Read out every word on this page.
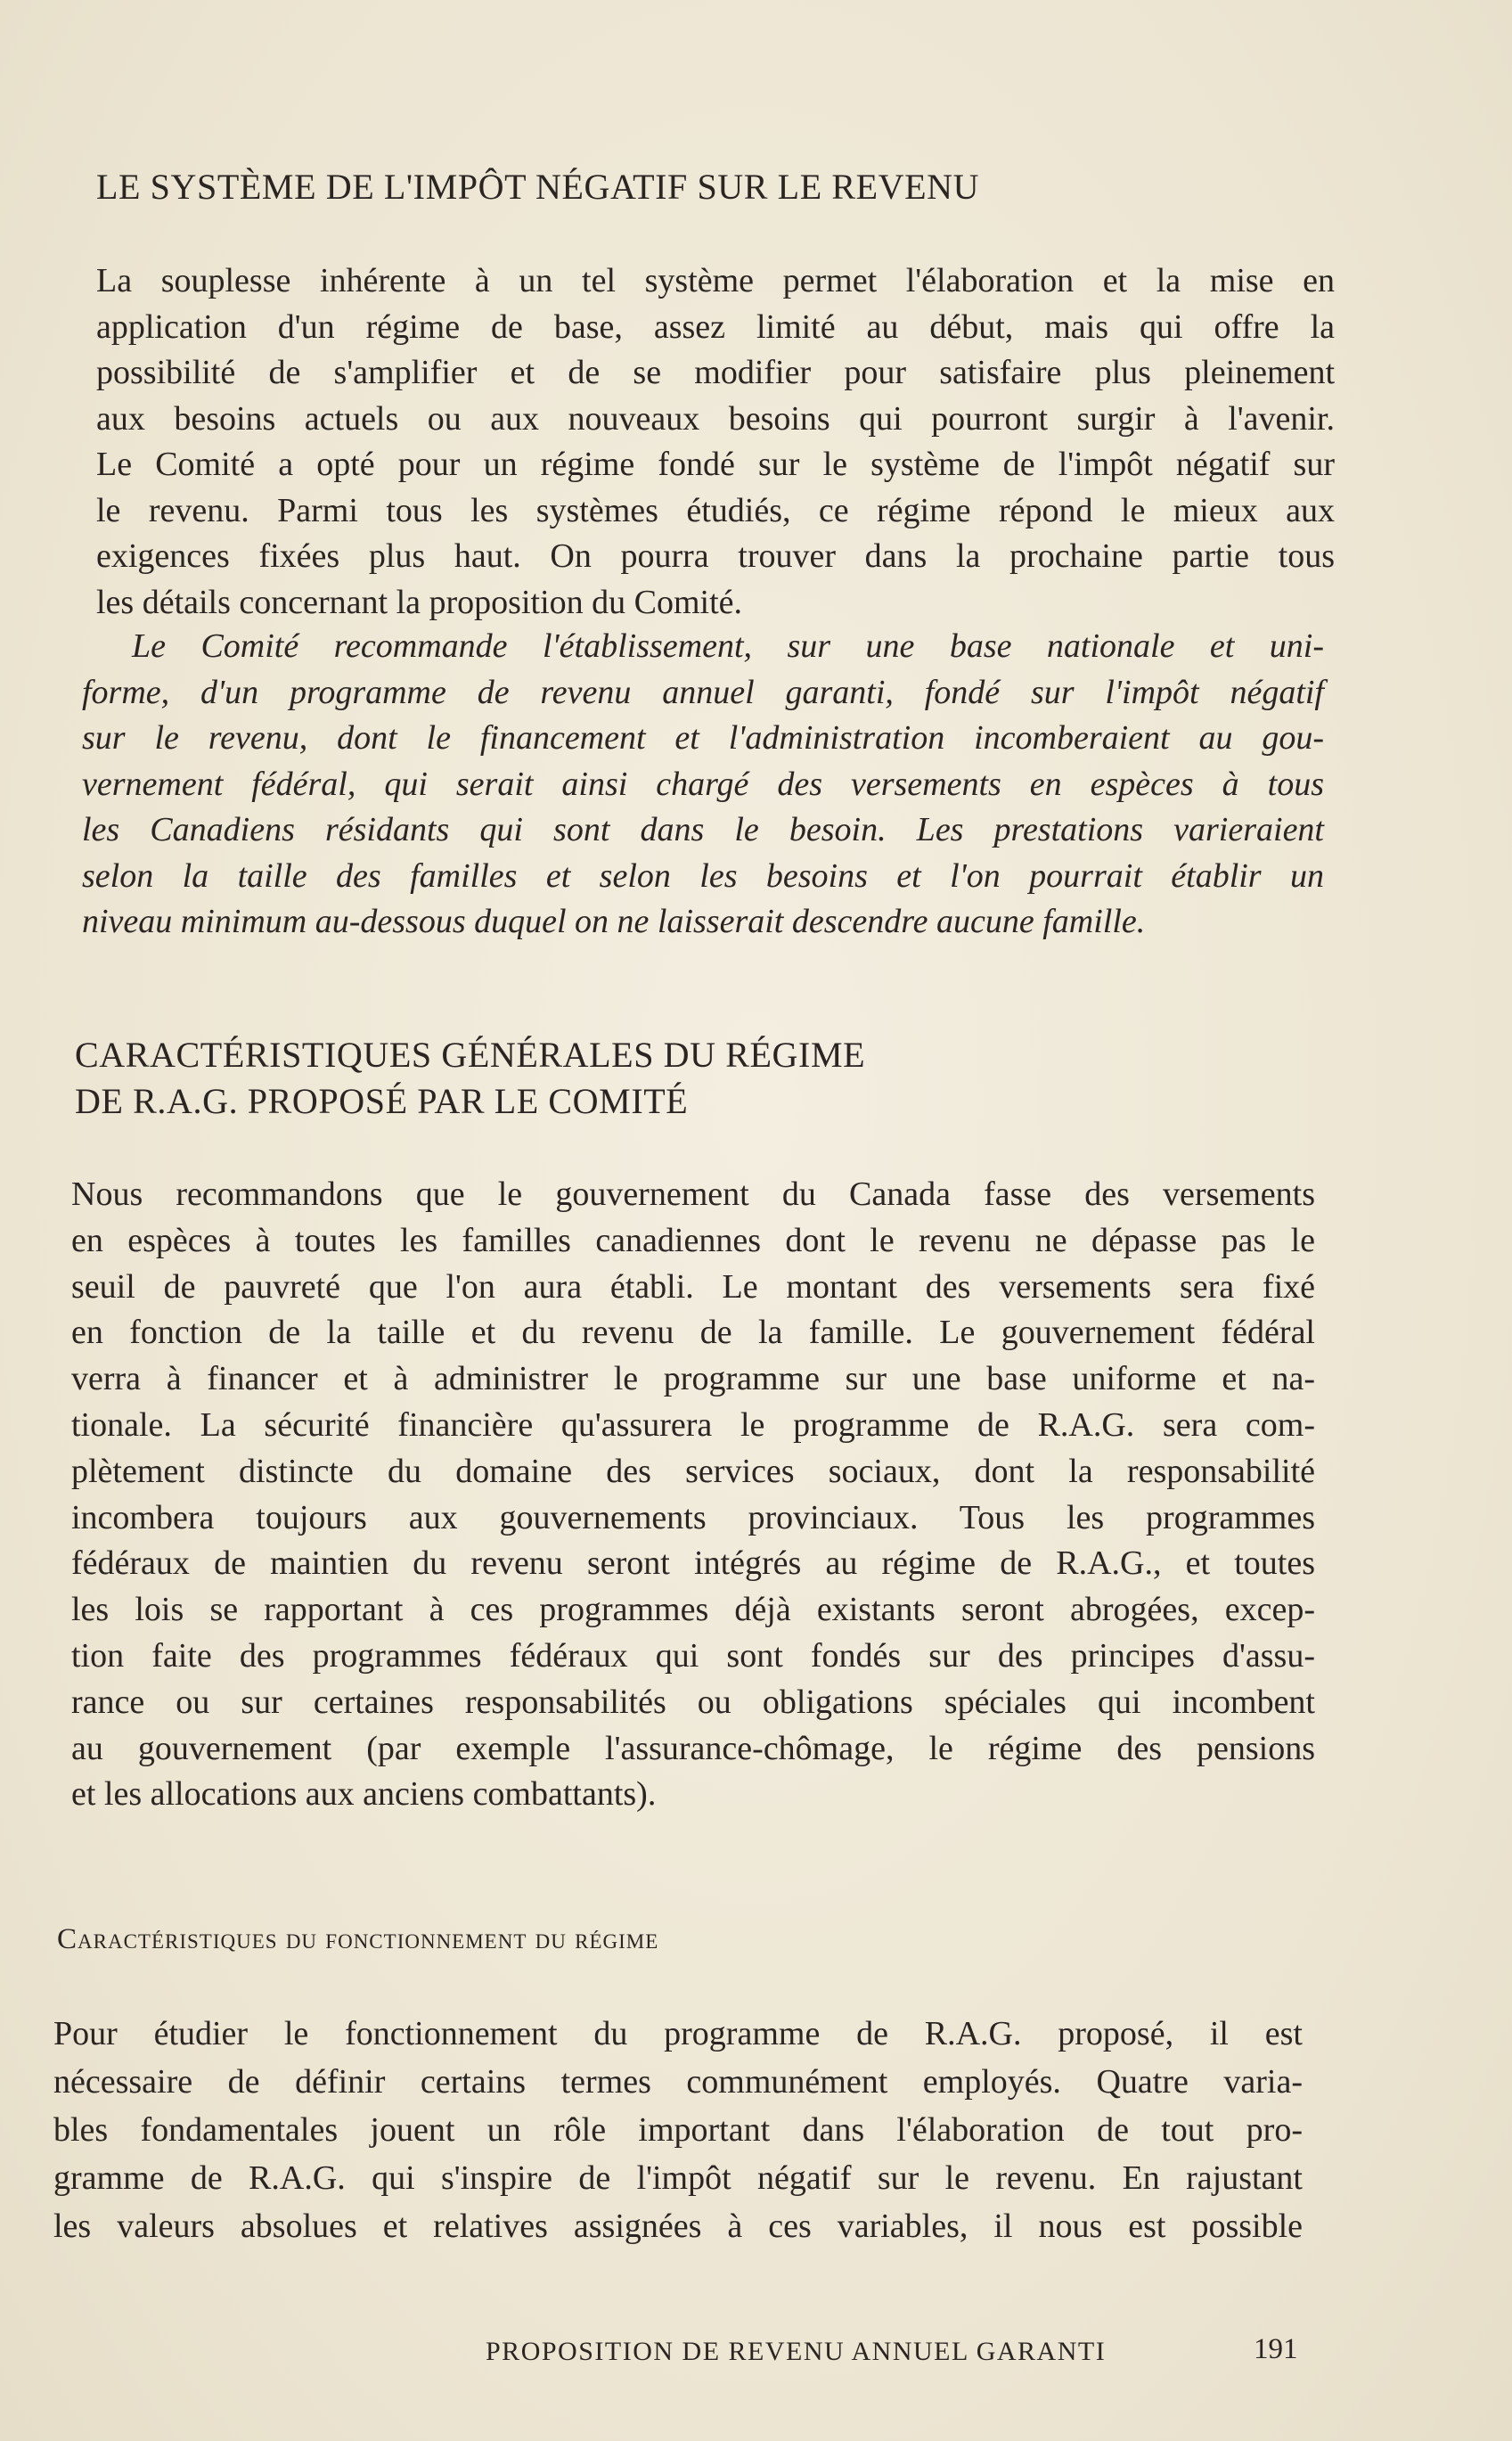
LE SYSTÈME DE L'IMPÔT NÉGATIF SUR LE REVENU

La souplesse inhérente à un tel système permet l'élaboration et la mise en
application d'un régime de base, assez limité au début, mais qui offre la
possibilité de s'amplifier et de se modifier pour satisfaire plus pleinement
aux besoins actuels ou aux nouveaux besoins qui pourront surgir à l'avenir.
Le Comité a opté pour un régime fondé sur le système de l'impôt négatif sur
le revenu. Parmi tous les systèmes étudiés, ce régime répond le mieux aux
exigences fixées plus haut. On pourra trouver dans la prochaine partie tous
les détails concernant la proposition du Comité.

Le Comité recommande l'établissement, sur une base nationale et uni-
forme, d'un programme de revenu annuel garanti, fondé sur l'impôt négatif
sur le revenu, dont le financement et l'administration incomberaient au gou-
vernement fédéral, qui serait ainsi chargé des versements en espèces à tous
les Canadiens résidants qui sont dans le besoin. Les prestations varieraient
selon la taille des familles et selon les besoins et l'on pourrait établir un
niveau minimum au-dessous duquel on ne laisserait descendre aucune famille.

CARACTÉRISTIQUES GÉNÉRALES DU RÉGIME
DE R.A.G. PROPOSÉ PAR LE COMITÉ

Nous recommandons que le gouvernement du Canada fasse des versements
en espèces à toutes les familles canadiennes dont le revenu ne dépasse pas le
seuil de pauvreté que l'on aura établi. Le montant des versements sera fixé
en fonction de la taille et du revenu de la famille. Le gouvernement fédéral
verra à financer et à administrer le programme sur une base uniforme et na-
tionale. La sécurité financière qu'assurera le programme de R.A.G. sera com-
plètement distincte du domaine des services sociaux, dont la responsabilité
incombera toujours aux gouvernements provinciaux. Tous les programmes
fédéraux de maintien du revenu seront intégrés au régime de R.A.G., et toutes
les lois se rapportant à ces programmes déjà existants seront abrogées, excep-
tion faite des programmes fédéraux qui sont fondés sur des principes d'assu-
rance ou sur certaines responsabilités ou obligations spéciales qui incombent
au gouvernement (par exemple l'assurance-chômage, le régime des pensions
et les allocations aux anciens combattants).

Caractéristiques du fonctionnement du régime

Pour étudier le fonctionnement du programme de R.A.G. proposé, il est
nécessaire de définir certains termes communément employés. Quatre varia-
bles fondamentales jouent un rôle important dans l'élaboration de tout pro-
gramme de R.A.G. qui s'inspire de l'impôt négatif sur le revenu. En rajustant
les valeurs absolues et relatives assignées à ces variables, il nous est possible

PROPOSITION DE REVENU ANNUEL GARANTI	191
